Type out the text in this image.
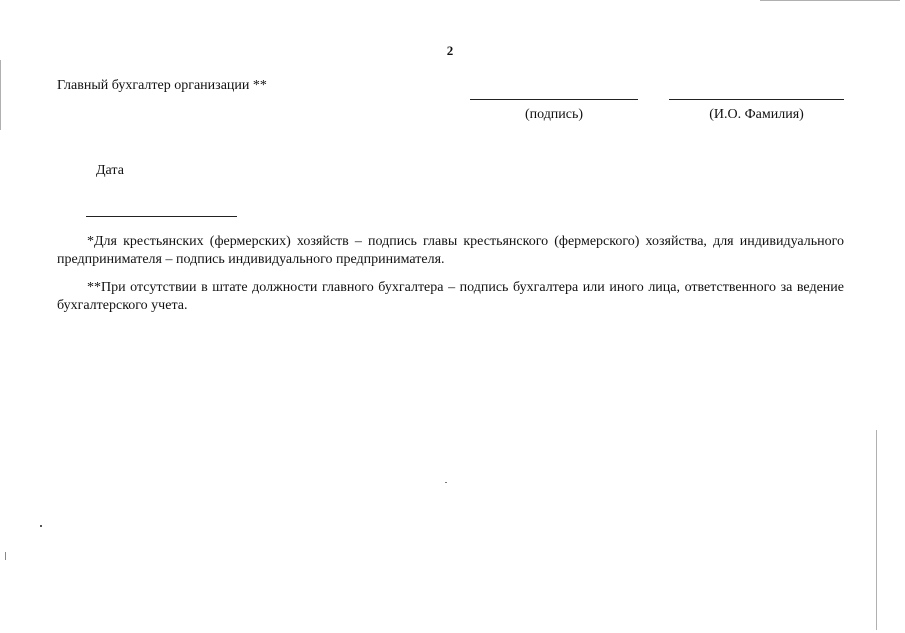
2
Главный бухгалтер организации **
(подпись)	(И.О. Фамилия)
Дата

*Для крестьянских (фермерских) хозяйств – подпись главы крестьянского (фермерского) хозяйства, для индивидуального предпринимателя – подпись индивидуального предпринимателя.

**При отсутствии в штате должности главного бухгалтера – подпись бухгалтера или иного лица, ответственного за ведение бухгалтерского учета.
